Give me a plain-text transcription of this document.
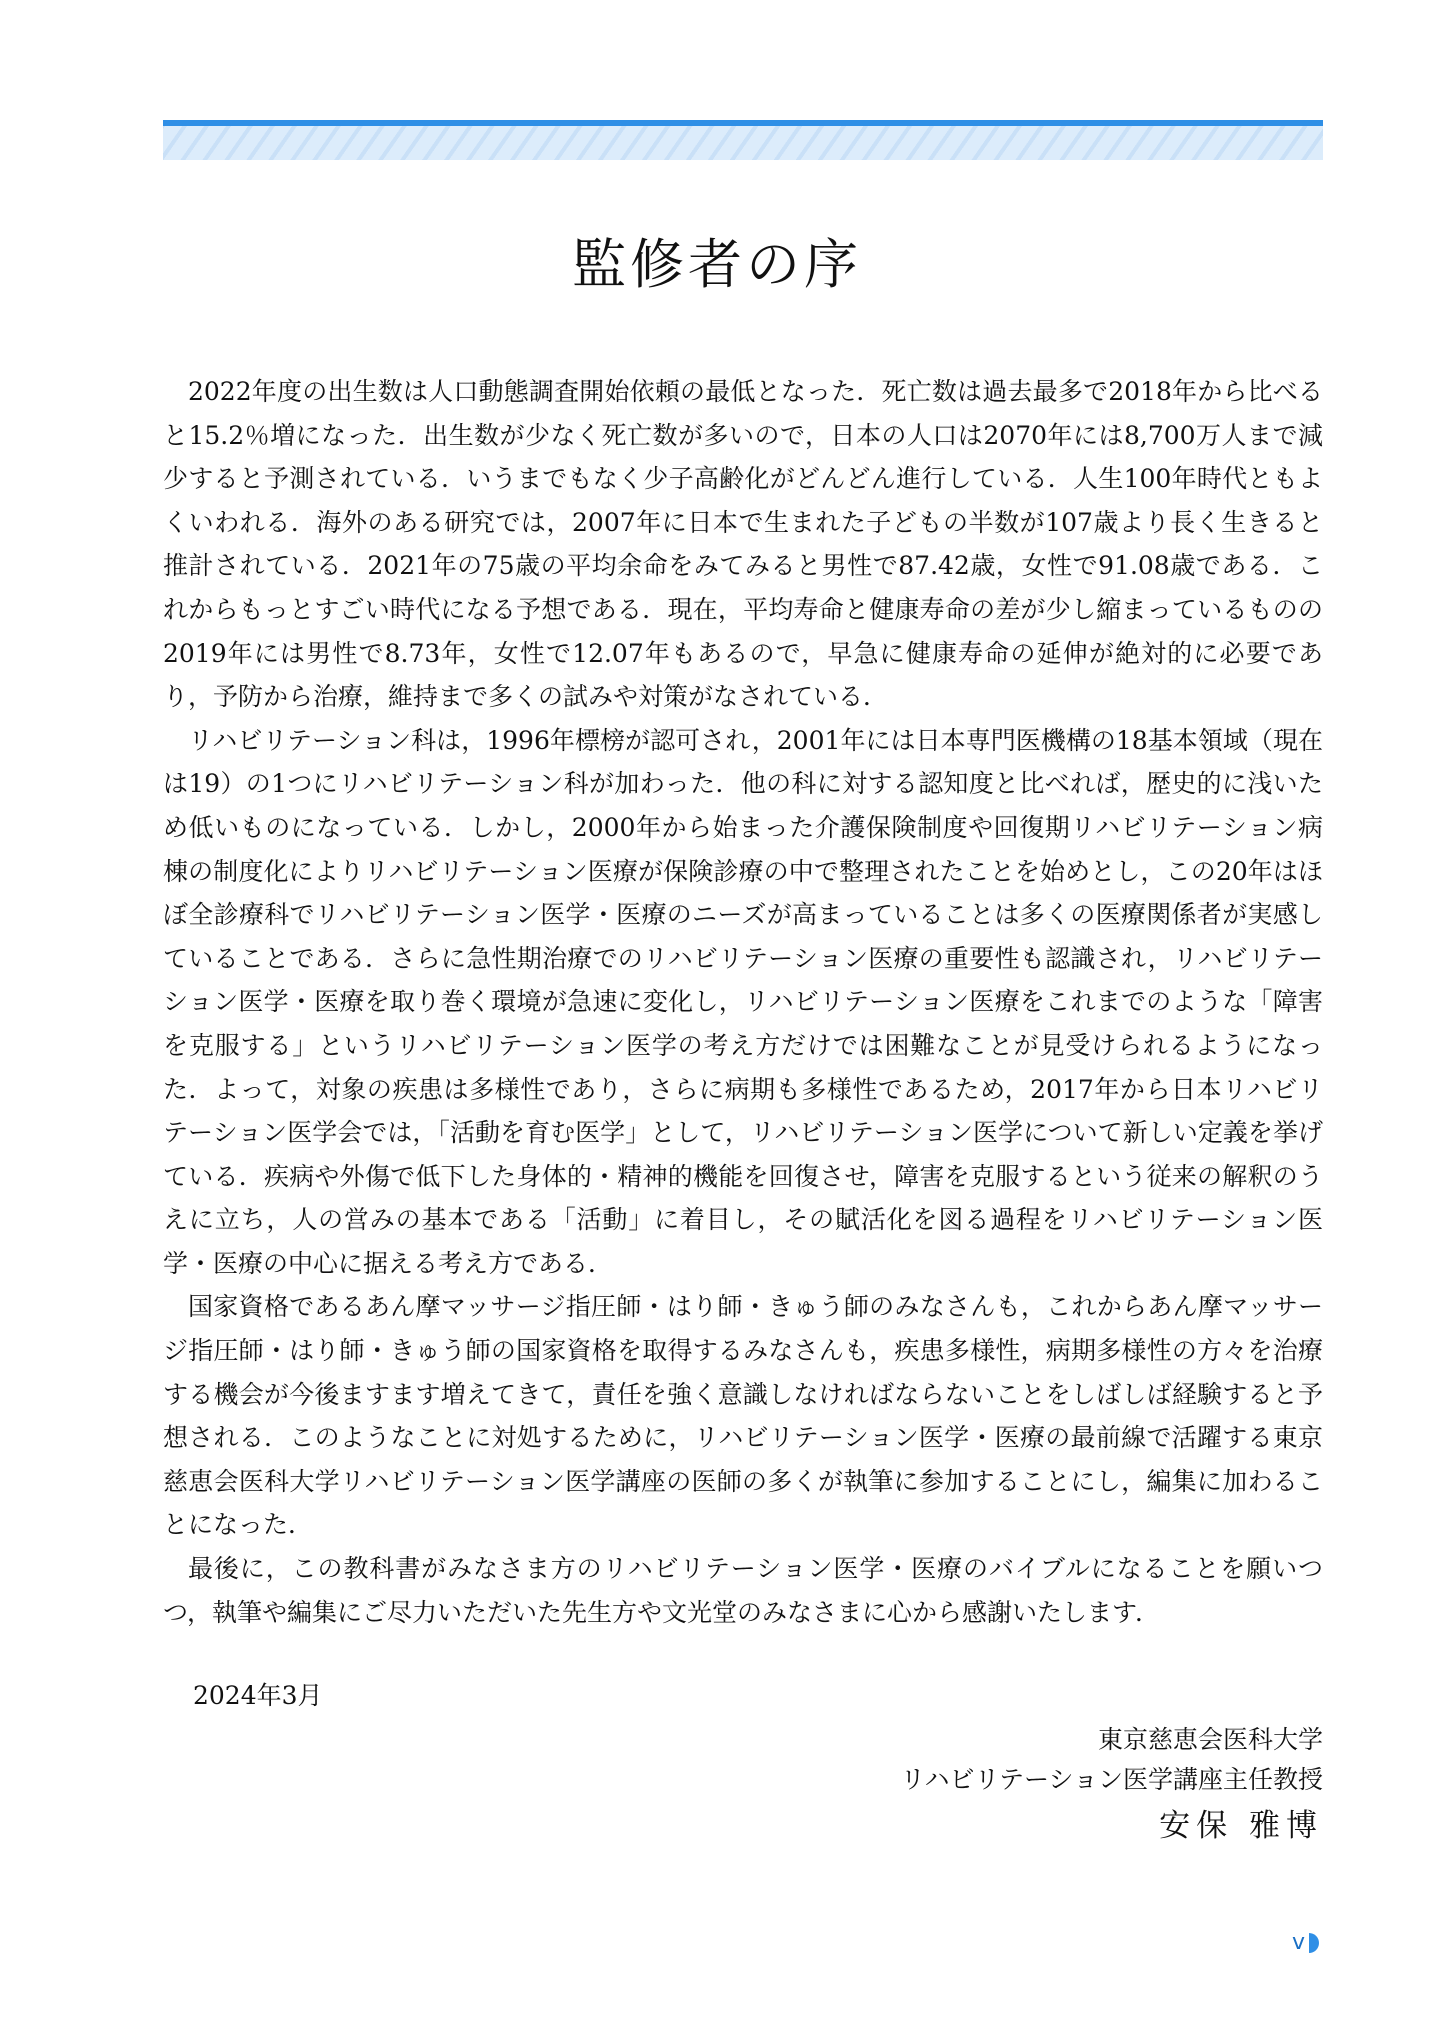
監修者の序

2022年度の出生数は人口動態調査開始依頼の最低となった．死亡数は過去最多で2018年から比べると15.2％増になった．出生数が少なく死亡数が多いので，日本の人口は2070年には8,700万人まで減少すると予測されている．いうまでもなく少子高齢化がどんどん進行している．人生100年時代ともよくいわれる．海外のある研究では，2007年に日本で生まれた子どもの半数が107歳より長く生きると推計されている．2021年の75歳の平均余命をみてみると男性で87.42歳，女性で91.08歳である．これからもっとすごい時代になる予想である．現在，平均寿命と健康寿命の差が少し縮まっているものの2019年には男性で8.73年，女性で12.07年もあるので，早急に健康寿命の延伸が絶対的に必要であり，予防から治療，維持まで多くの試みや対策がなされている．

リハビリテーション科は，1996年標榜が認可され，2001年には日本専門医機構の18基本領域（現在は19）の1つにリハビリテーション科が加わった．他の科に対する認知度と比べれば，歴史的に浅いため低いものになっている．しかし，2000年から始まった介護保険制度や回復期リハビリテーション病棟の制度化によりリハビリテーション医療が保険診療の中で整理されたことを始めとし，この20年はほぼ全診療科でリハビリテーション医学・医療のニーズが高まっていることは多くの医療関係者が実感していることである．さらに急性期治療でのリハビリテーション医療の重要性も認識され，リハビリテーション医学・医療を取り巻く環境が急速に変化し，リハビリテーション医療をこれまでのような「障害を克服する」というリハビリテーション医学の考え方だけでは困難なことが見受けられるようになった．よって，対象の疾患は多様性であり，さらに病期も多様性であるため，2017年から日本リハビリテーション医学会では，「活動を育む医学」として，リハビリテーション医学について新しい定義を挙げている．疾病や外傷で低下した身体的・精神的機能を回復させ，障害を克服するという従来の解釈のうえに立ち，人の営みの基本である「活動」に着目し，その賦活化を図る過程をリハビリテーション医学・医療の中心に据える考え方である．

国家資格であるあん摩マッサージ指圧師・はり師・きゅう師のみなさんも，これからあん摩マッサージ指圧師・はり師・きゅう師の国家資格を取得するみなさんも，疾患多様性，病期多様性の方々を治療する機会が今後ますます増えてきて，責任を強く意識しなければならないことをしばしば経験すると予想される．このようなことに対処するために，リハビリテーション医学・医療の最前線で活躍する東京慈恵会医科大学リハビリテーション医学講座の医師の多くが執筆に参加することにし，編集に加わることになった．

最後に，この教科書がみなさま方のリハビリテーション医学・医療のバイブルになることを願いつつ，執筆や編集にご尽力いただいた先生方や文光堂のみなさまに心から感謝いたします．

2024年3月
東京慈恵会医科大学
リハビリテーション医学講座主任教授
安保 雅博
v
